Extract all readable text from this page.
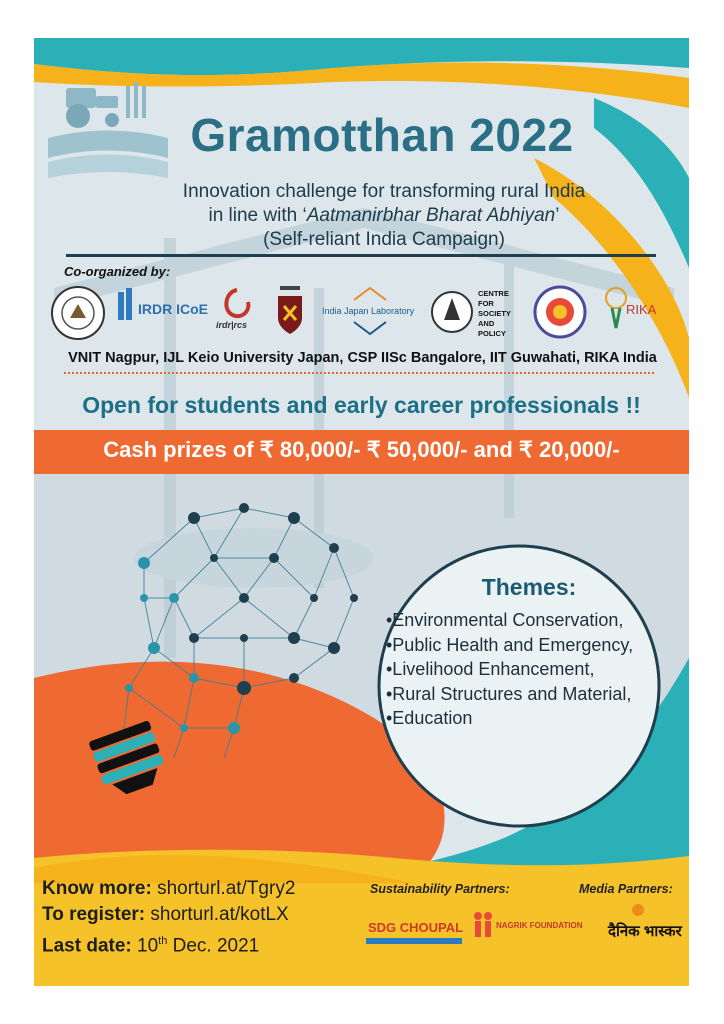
Gramotthan 2022
Innovation challenge for transforming rural India
in line with ‘Aatmanirbhar Bharat Abhiyan’
(Self-reliant India Campaign)
Co-organized by:
IRDR ICoE
irdr|rcs
India Japan Laboratory
CENTRE FOR SOCIETY AND POLICY
RIKA
VNIT Nagpur, IJL Keio University Japan, CSP IISc Bangalore, IIT Guwahati, RIKA India
Open for students and early career professionals !!
Cash prizes of ₹ 80,000/- ₹ 50,000/- and ₹ 20,000/-
Themes:
•Environmental Conservation,
•Public Health and Emergency,
•Livelihood Enhancement,
•Rural Structures and Material,
•Education
Know more: shorturl.at/Tgry2
To register: shorturl.at/kotLX
Last date: 10th Dec. 2021
Sustainability Partners:	Media Partners:
SDG CHOUPAL	NAGRIK FOUNDATION दैनिक भास्कर
